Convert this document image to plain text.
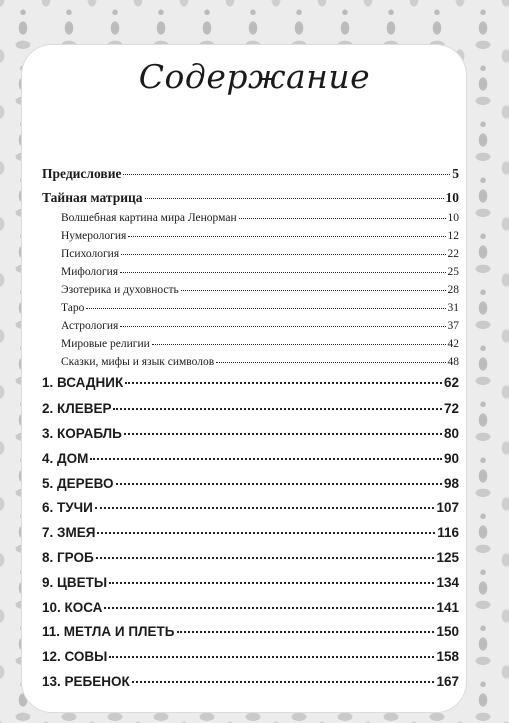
Содержание
Предисловие	5
Тайная матрица	10
Волшебная картина мира Ленорман	10
Нумерология	12
Психология	22
Мифология	25
Эзотерика и духовность	28
Таро	31
Астрология	37
Мировые религии	42
Сказки, мифы и язык символов	48
1. ВСАДНИК	62
2. КЛЕВЕР	72
3. КОРАБЛЬ	80
4. ДОМ	90
5. ДЕРЕВО	98
6. ТУЧИ	107
7. ЗМЕЯ	116
8. ГРОБ	125
9. ЦВЕТЫ	134
10. КОСА	141
11. МЕТЛА И ПЛЕТЬ	150
12. СОВЫ	158
13. РЕБЕНОК	167
